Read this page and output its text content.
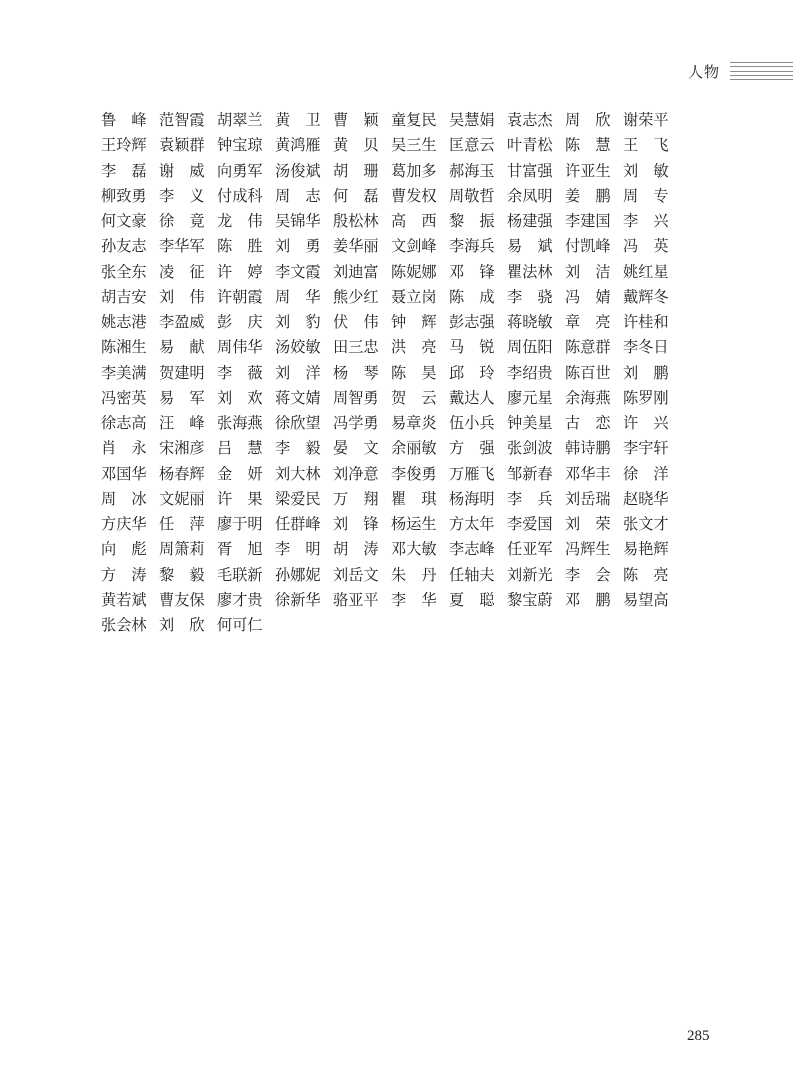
人物
鲁　峰 范智霞 胡翠兰 黄　卫 曹　颖 童复民 吴慧娟 袁志杰 周　欣 谢荣平
王玲辉 袁颖群 钟宝琼 黄鸿雁 黄　贝 吴三生 匡意云 叶青松 陈　慧 王　飞
李　磊 谢　威 向勇军 汤俊斌 胡　珊 葛加多 郝海玉 甘富强 许亚生 刘　敏
柳致勇 李　义 付成科 周　志 何　磊 曹发权 周敬哲 余凤明 姜　鹏 周　专
何文豪 徐　竟 龙　伟 吴锦华 殷松林 高　西 黎　振 杨建强 李建国 李　兴
孙友志 李华军 陈　胜 刘　勇 姜华丽 文剑峰 李海兵 易　斌 付凯峰 冯　英
张全东 凌　征 许　婷 李文霞 刘迪富 陈妮娜 邓　锋 瞿法林 刘　洁 姚红星
胡吉安 刘　伟 许朝霞 周　华 熊少红 聂立岗 陈　成 李　骁 冯　婧 戴辉冬
姚志港 李盈威 彭　庆 刘　豹 伏　伟 钟　辉 彭志强 蒋晓敏 章　亮 许桂和
陈湘生 易　献 周伟华 汤姣敏 田三忠 洪　亮 马　锐 周伍阳 陈意群 李冬日
李美满 贺建明 李　薇 刘　洋 杨　琴 陈　昊 邱　玲 李绍贵 陈百世 刘　鹏
冯密英 易　军 刘　欢 蒋文婧 周智勇 贺　云 戴达人 廖元星 余海燕 陈罗刚
徐志高 汪　峰 张海燕 徐欣望 冯学勇 易章炎 伍小兵 钟美星 古　恋 许　兴
肖　永 宋湘彦 吕　慧 李　毅 晏　文 余丽敏 方　强 张剑波 韩诗鹏 李宇轩
邓国华 杨春辉 金　妍 刘大林 刘净意 李俊勇 万雁飞 邹新春 邓华丰 徐　洋
周　冰 文妮丽 许　果 梁爱民 万　翔 瞿　琪 杨海明 李　兵 刘岳瑞 赵晓华
方庆华 任　萍 廖于明 任群峰 刘　锋 杨运生 方太年 李爱国 刘　荣 张文才
向　彪 周箫莉 胥　旭 李　明 胡　涛 邓大敏 李志峰 任亚军 冯辉生 易艳辉
方　涛 黎　毅 毛联新 孙娜妮 刘岳文 朱　丹 任轴夫 刘新光 李　会 陈　亮
黄若斌 曹友保 廖才贵 徐新华 骆亚平 李　华 夏　聪 黎宝蔚 邓　鹏 易望高
张会林 刘　欣 何可仁
285
